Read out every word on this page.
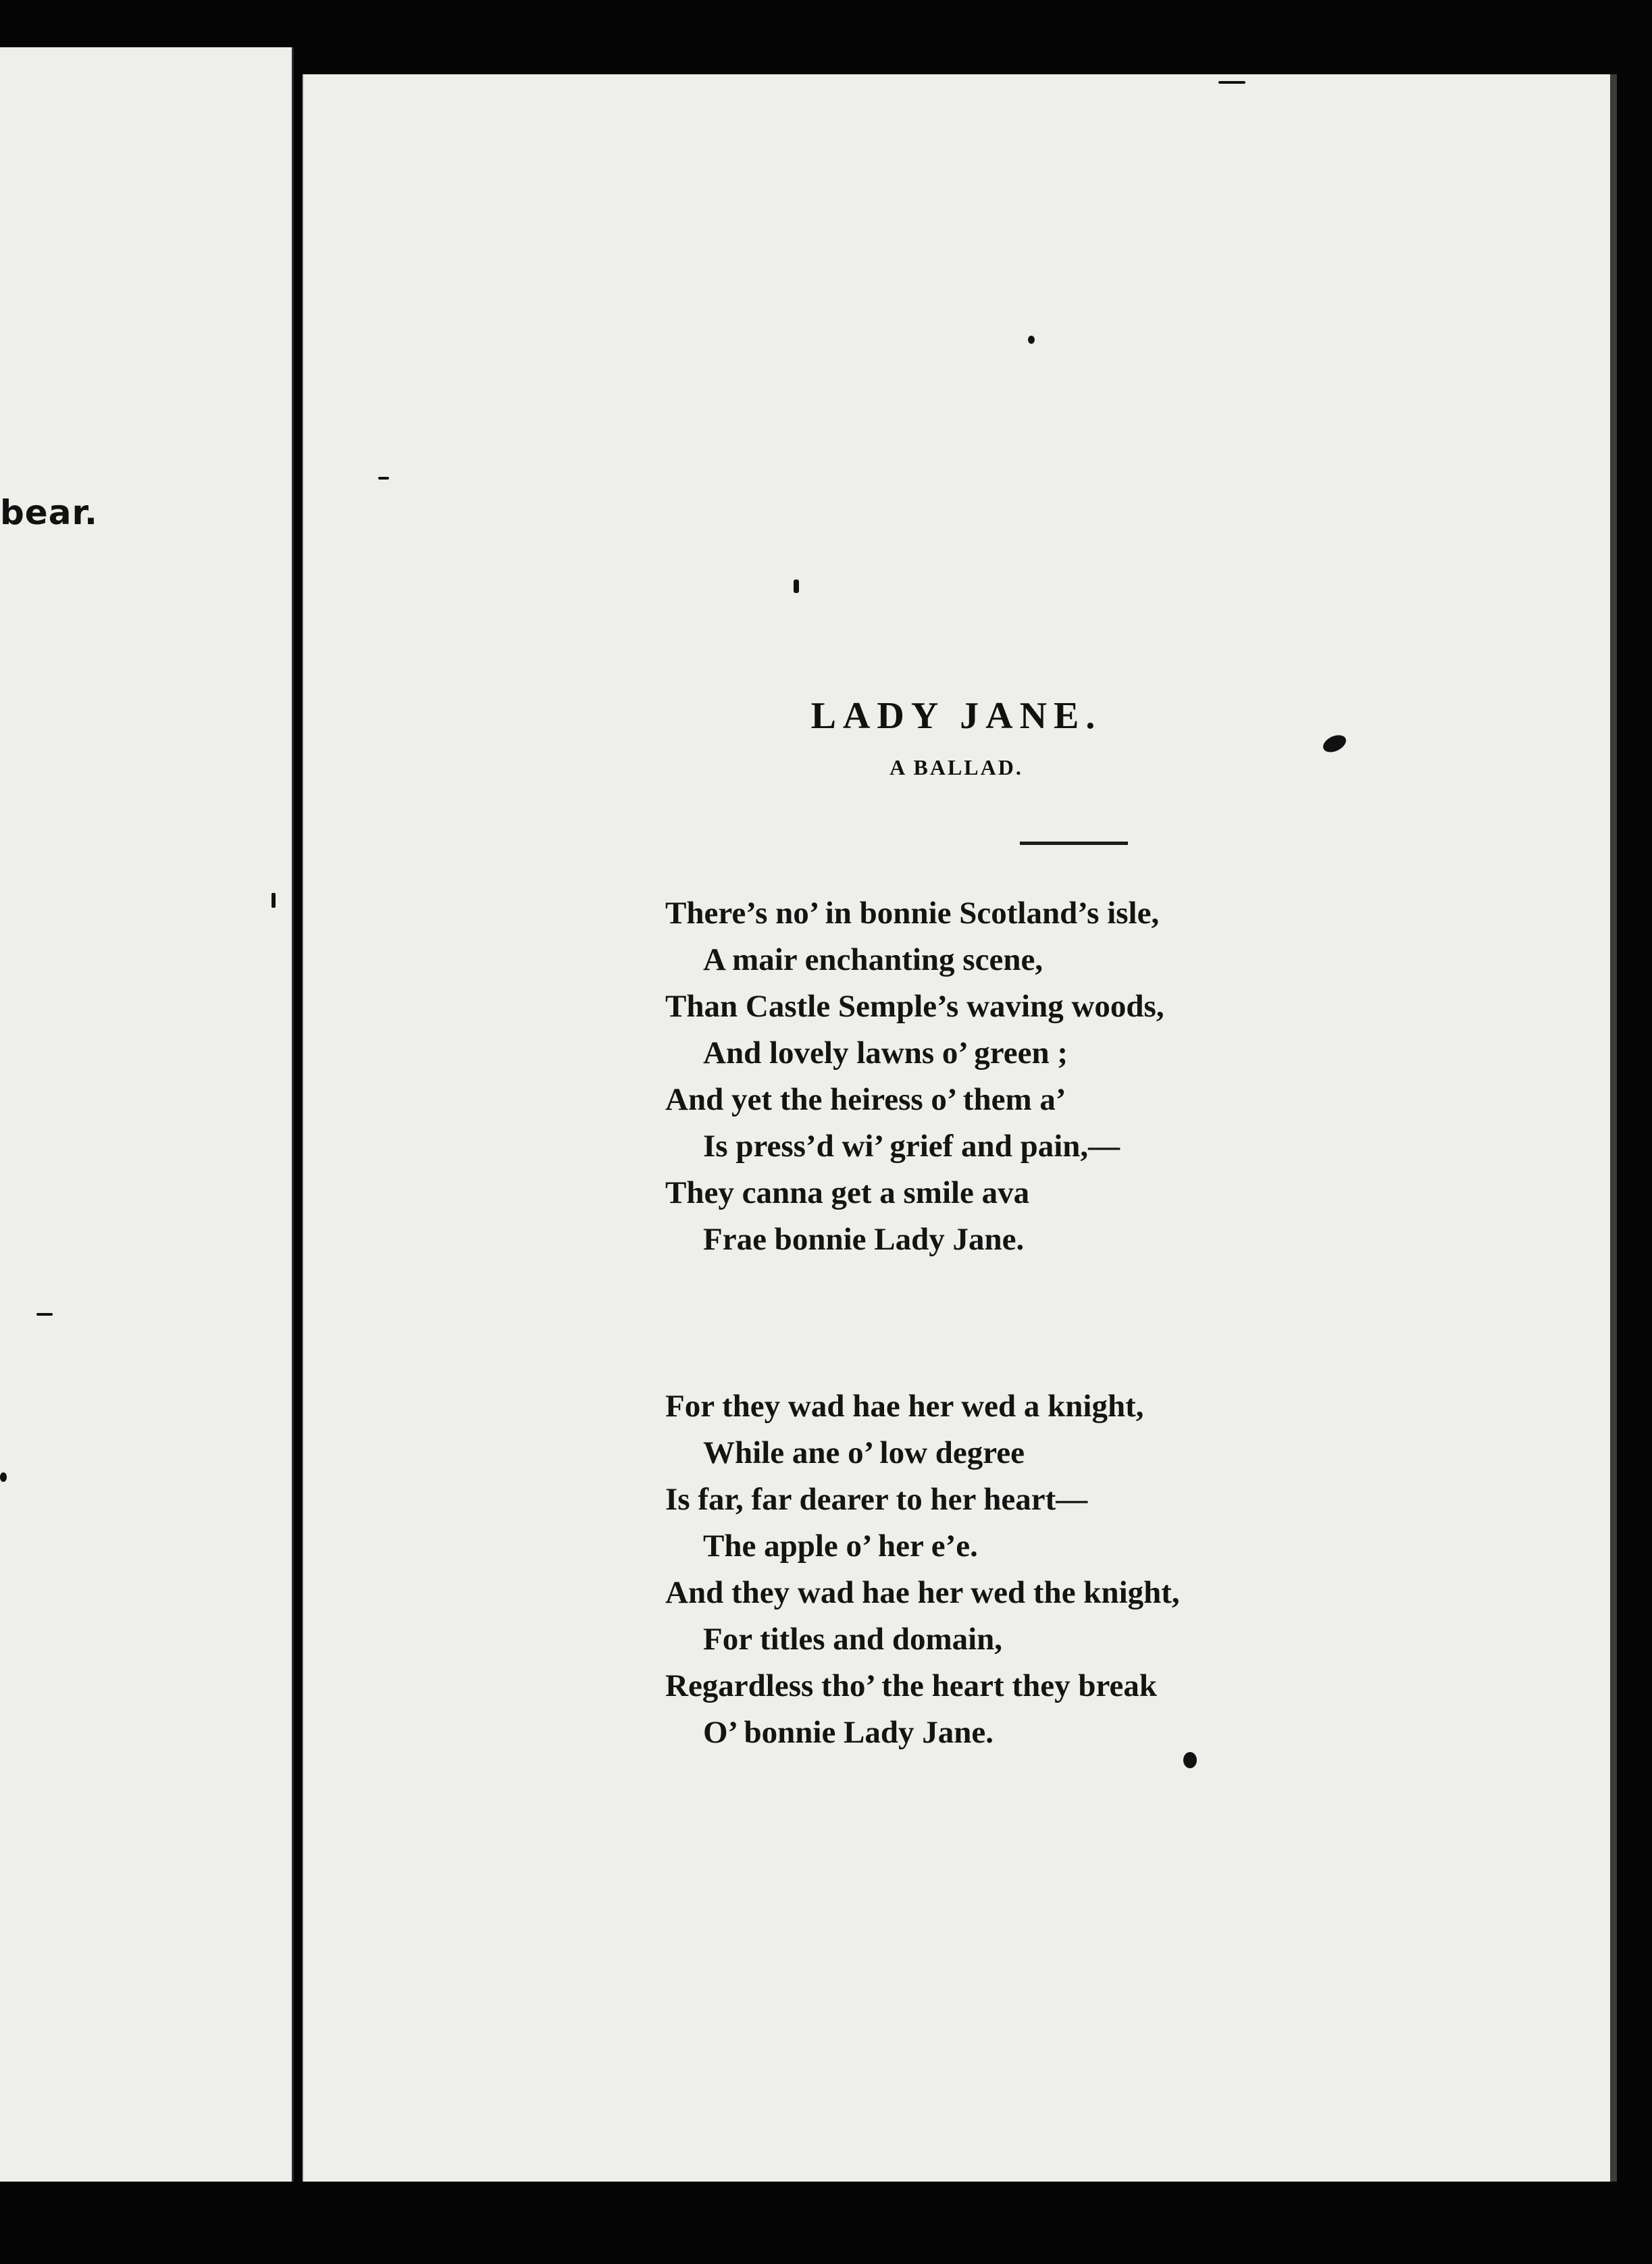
bear.
LADY JANE.
A BALLAD.
There’s no’ in bonnie Scotland’s isle,
A mair enchanting scene,
Than Castle Semple’s waving woods,
And lovely lawns o’ green ;
And yet the heiress o’ them a’
Is press’d wi’ grief and pain,—
They canna get a smile ava
Frae bonnie Lady Jane.
For they wad hae her wed a knight,
While ane o’ low degree
Is far, far dearer to her heart—
The apple o’ her e’e.
And they wad hae her wed the knight,
For titles and domain,
Regardless tho’ the heart they break
O’ bonnie Lady Jane.
